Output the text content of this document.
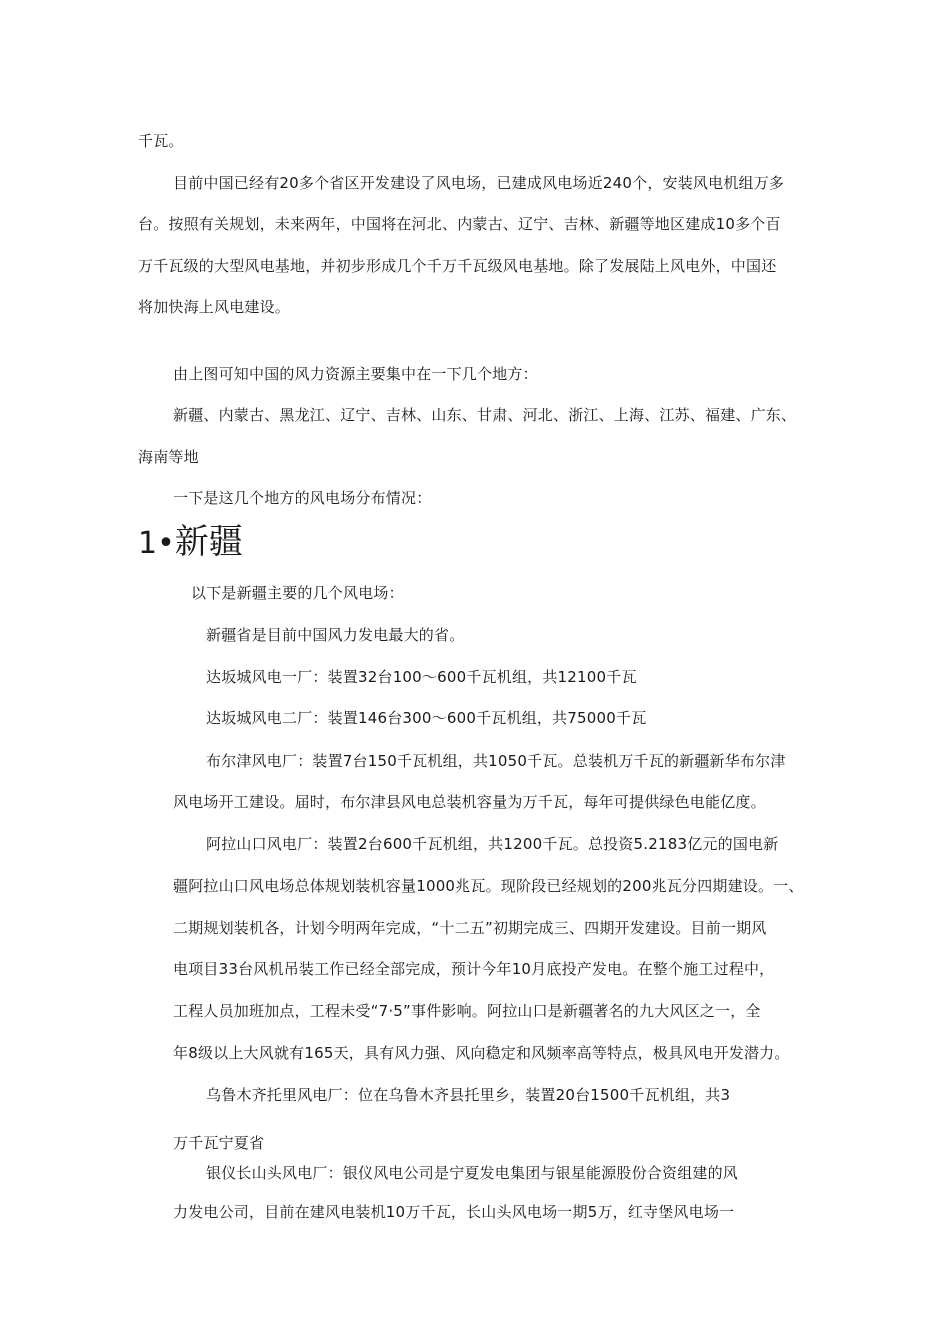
千瓦。
目前中国已经有20多个省区开发建设了风电场，已建成风电场近240个，安装风电机组万多
台。按照有关规划，未来两年，中国将在河北、内蒙古、辽宁、吉林、新疆等地区建成10多个百
万千瓦级的大型风电基地，并初步形成几个千万千瓦级风电基地。除了发展陆上风电外，中国还
将加快海上风电建设。
由上图可知中国的风力资源主要集中在一下几个地方：
新疆、内蒙古、黑龙江、辽宁、吉林、山东、甘肃、河北、浙江、上海、江苏、福建、广东、
海南等地
一下是这几个地方的风电场分布情况：
1•新疆
以下是新疆主要的几个风电场：
新疆省是目前中国风力发电最大的省。
达坂城风电一厂：装置32台100〜600千瓦机组，共12100千瓦
达坂城风电二厂：装置146台300〜600千瓦机组，共75000千瓦
布尔津风电厂：装置7台150千瓦机组，共1050千瓦。总装机万千瓦的新疆新华布尔津
风电场开工建设。届时，布尔津县风电总装机容量为万千瓦，每年可提供绿色电能亿度。
阿拉山口风电厂：装置2台600千瓦机组，共1200千瓦。总投资5.2183亿元的国电新
疆阿拉山口风电场总体规划装机容量1000兆瓦。现阶段已经规划的200兆瓦分四期建设。一、
二期规划装机各，计划今明两年完成，“十二五”初期完成三、四期开发建设。目前一期风
电项目33台风机吊装工作已经全部完成，预计今年10月底投产发电。在整个施工过程中，
工程人员加班加点，工程未受“7·5”事件影响。阿拉山口是新疆著名的九大风区之一，全
年8级以上大风就有165天，具有风力强、风向稳定和风频率高等特点，极具风电开发潜力。
乌鲁木齐托里风电厂：位在乌鲁木齐县托里乡，装置20台1500千瓦机组，共3
万千瓦宁夏省
银仪长山头风电厂：银仪风电公司是宁夏发电集团与银星能源股份合资组建的风
力发电公司，目前在建风电装机10万千瓦，长山头风电场一期5万，红寺堡风电场一
